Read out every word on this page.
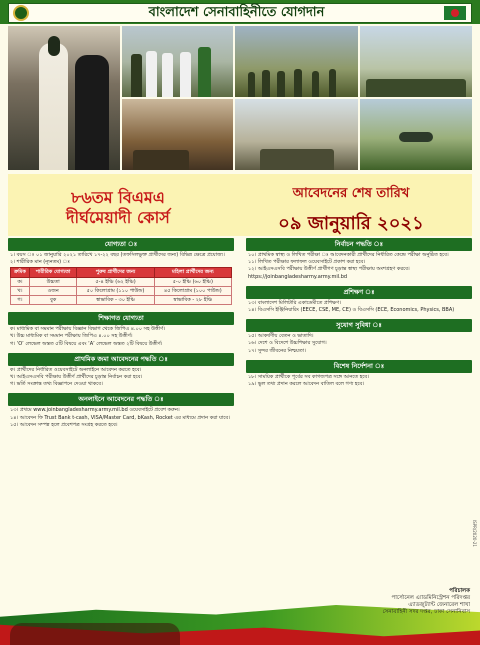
বাংলাদেশ সেনাবাহিনীতে যোগদান
৮৬তম বিএমএ
দীর্ঘমেয়াদী কোর্স
আবেদনের শেষ তারিখ
০৯ জানুয়ারি ২০২১
যোগ্যতা ঃ

১। বয়স ঃ ০১ জানুয়ারি ২০২১ তারিখে ১৭-২২ বছর (তফসিলভুক্ত প্রার্থীদের জন্য) বিভিন্ন ক্ষেত্রে প্রযোজ্য।

২। শারীরিক মান (ন্যূনতম) ঃ

ক্রমিক	শারীরিক যোগ্যতা	পুরুষ প্রার্থীদের জন্য	মহিলা প্রার্থীদের জন্য
ক।	উচ্চতা	৫-৪ ইঞ্চি (৬২ ইঞ্চি)	৫-০ ইঞ্চি (৬০ ইঞ্চি)
খ।	ওজন	৫০ কিলোগ্রাম (১১০ পাউন্ড)	৪৫ কিলোগ্রাম (১০০ পাউন্ড)
গ।	বুক	স্বাভাবিক - ৩০ ইঞ্চি	স্বাভাবিক - ২৮ ইঞ্চি
শিক্ষাগত যোগ্যতা

ক। মাধ্যমিক বা সমমান পরীক্ষায় বিজ্ঞান বিভাগ থেকে জিপিএ ৪.০০ সহ উত্তীর্ণ।

খ। উচ্চ মাধ্যমিক বা সমমান পরীক্ষায় জিপিএ ৪.০০ সহ উত্তীর্ণ।

গ। ‘O’ লেভেল অন্তত ৫টি বিষয়ে এবং ‘A’ লেভেল অন্তত ২টি বিষয়ে উত্তীর্ণ।

প্রাথমিক জমা আবেদনের পদ্ধতি ঃ

ক। প্রার্থীদের নির্ধারিত ওয়েবসাইটে অনলাইনে আবেদন করতে হবে।

খ। আইএসএসবি পরীক্ষায় উত্তীর্ণ প্রার্থীদের চূড়ান্ত নির্বাচন করা হবে।

গ। ভর্তি সংক্রান্ত তথ্য বিজ্ঞাপনে দেওয়া থাকবে।

অনলাইনে আবেদনের পদ্ধতি ঃ

১৩। প্রথমে www.joinbangladesharmy.army.mil.bd ওয়েবসাইটে প্রবেশ করুন।

১৪। আবেদন ফি Trust Bank t-cash, VISA/Master Card, bKash, Rocket এর মাধ্যমে প্রদান করা যাবে।

১৫। আবেদন সম্পন্ন হলে প্রবেশপত্র সংগ্রহ করতে হবে।

নির্বাচন পদ্ধতি ঃ

১০। প্রাথমিক স্বাস্থ্য ও লিখিত পরীক্ষা ঃ আবেদনকারী প্রার্থীদের নির্ধারিত কেন্দ্রে পরীক্ষা অনুষ্ঠিত হবে।

১১। লিখিত পরীক্ষার ফলাফল ওয়েবসাইটে প্রকাশ করা হবে।

১২। আইএসএসবি পরীক্ষায় উত্তীর্ণ প্রার্থীগণ চূড়ান্ত স্বাস্থ্য পরীক্ষায় অংশগ্রহণ করবে।

https://joinbangladesharmy.army.mil.bd

প্রশিক্ষণ ঃ

১৩। বাংলাদেশ মিলিটারি একাডেমীতে প্রশিক্ষণ।

১৪। বিএসসি ইঞ্জিনিয়ারিং (EECE, CSE, ME, CE) ও বিএসসি (ECE, Economics, Physics, BBA)

সুযোগ সুবিধা ঃ

১৫। আকর্ষণীয় বেতন ও ভাতাদি।

১৬। দেশে ও বিদেশে উচ্চশিক্ষার সুযোগ।

১৭। সুন্দর জীবনের নিশ্চয়তা।

বিশেষ নির্দেশনা ঃ

১৮। সাময়িক প্রার্থীকে পূর্বের সব কাগজপত্র সঙ্গে আনতে হবে।

১৯। ভুল তথ্য প্রদান করলে আবেদন বাতিল বলে গণ্য হবে।

পরিচালক
পার্সোনেল এ্যাডমিনিস্ট্রেশন পরিদপ্তর
এ্যাডজুট্যান্ট জেনারেল শাখা
সেনাবাহিনী সদর দপ্তর, ঢাকা সেনানিবাস
ISPR/2020-21
